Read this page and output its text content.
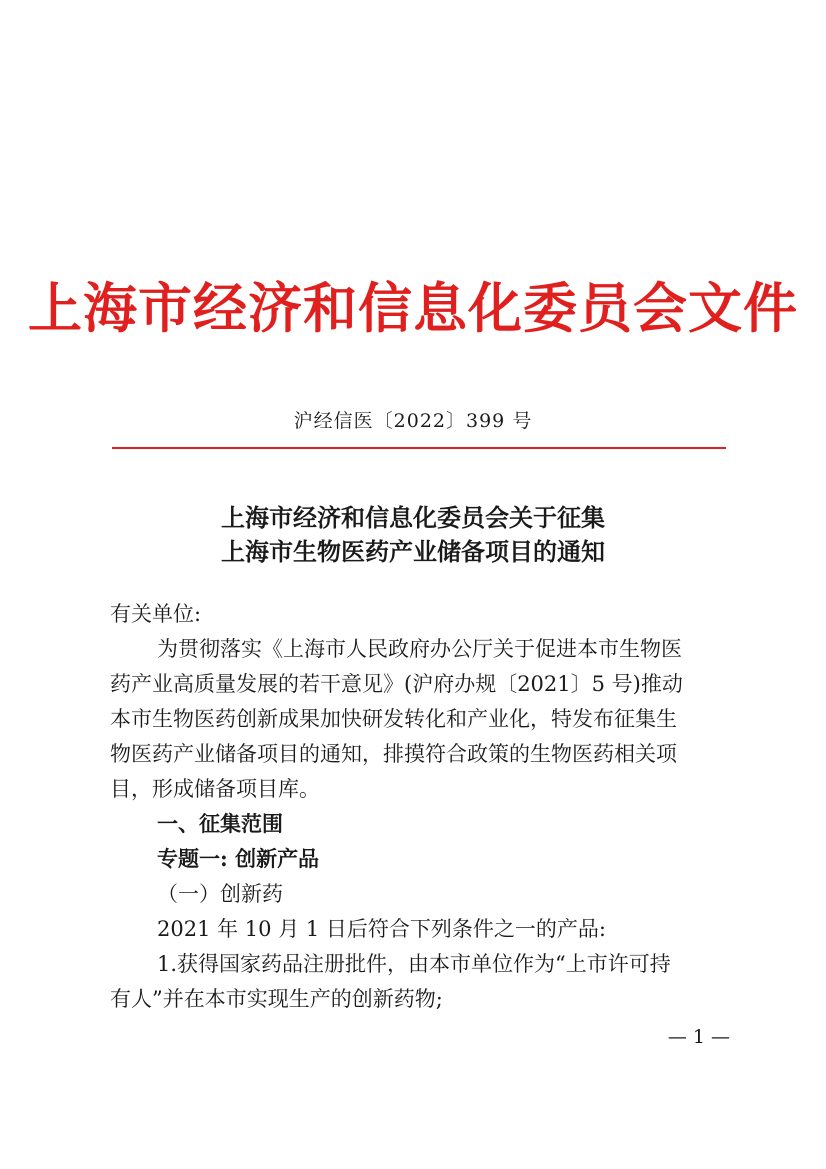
上海市经济和信息化委员会文件
沪经信医〔2022〕399 号
上海市经济和信息化委员会关于征集
上海市生物医药产业储备项目的通知
有关单位:
为贯彻落实《上海市人民政府办公厅关于促进本市生物医
药产业高质量发展的若干意见》(沪府办规〔2021〕5 号)推动
本市生物医药创新成果加快研发转化和产业化，特发布征集生
物医药产业储备项目的通知，排摸符合政策的生物医药相关项
目，形成储备项目库。
一、征集范围
专题一: 创新产品
（一）创新药
2021 年 10 月 1 日后符合下列条件之一的产品:
1.获得国家药品注册批件，由本市单位作为“上市许可持
有人”并在本市实现生产的创新药物;
— 1 —
